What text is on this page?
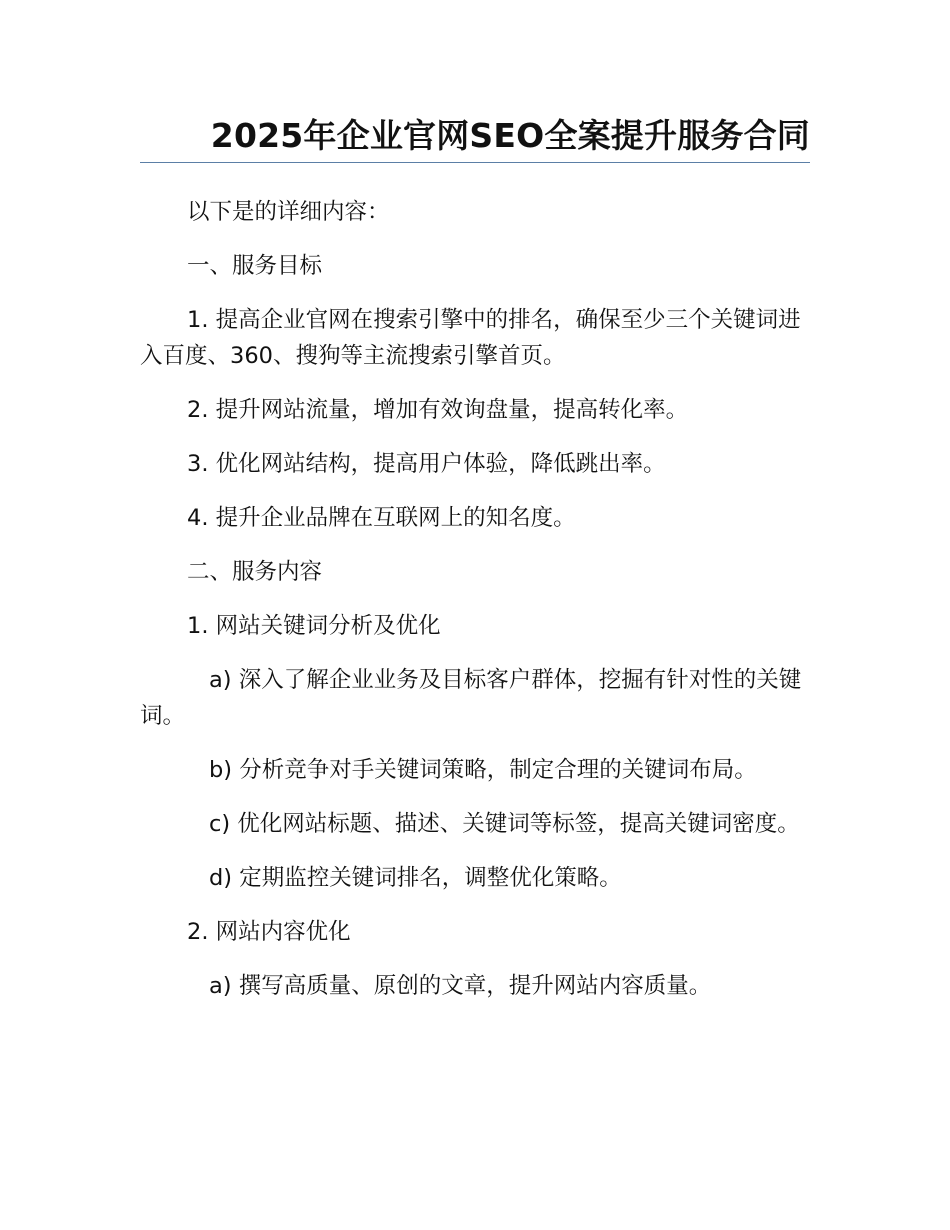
2025年企业官网SEO全案提升服务合同

以下是的详细内容：

一、服务目标

1. 提高企业官网在搜索引擎中的排名，确保至少三个关键词进入百度、360、搜狗等主流搜索引擎首页。

2. 提升网站流量，增加有效询盘量，提高转化率。

3. 优化网站结构，提高用户体验，降低跳出率。

4. 提升企业品牌在互联网上的知名度。

二、服务内容

1. 网站关键词分析及优化

a) 深入了解企业业务及目标客户群体，挖掘有针对性的关键词。

b) 分析竞争对手关键词策略，制定合理的关键词布局。

c) 优化网站标题、描述、关键词等标签，提高关键词密度。

d) 定期监控关键词排名，调整优化策略。

2. 网站内容优化

a) 撰写高质量、原创的文章，提升网站内容质量。
